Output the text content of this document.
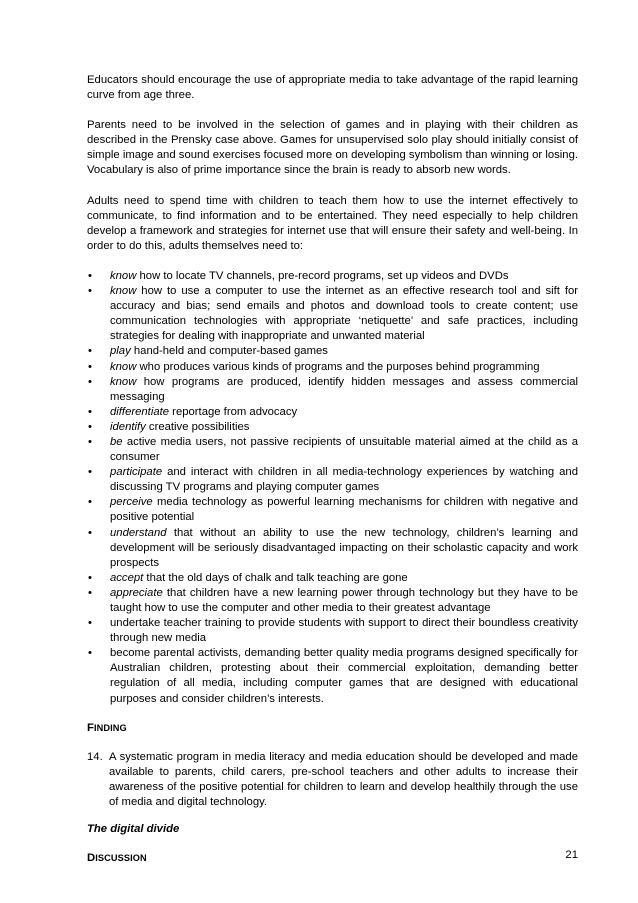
Educators should encourage the use of appropriate media to take advantage of the rapid learning curve from age three.

Parents need to be involved in the selection of games and in playing with their children as described in the Prensky case above. Games for unsupervised solo play should initially consist of simple image and sound exercises focused more on developing symbolism than winning or losing. Vocabulary is also of prime importance since the brain is ready to absorb new words.

Adults need to spend time with children to teach them how to use the internet effectively to communicate, to find information and to be entertained. They need especially to help children develop a framework and strategies for internet use that will ensure their safety and well-being. In order to do this, adults themselves need to:

• know how to locate TV channels, pre-record programs, set up videos and DVDs
• know how to use a computer to use the internet as an effective research tool and sift for accuracy and bias; send emails and photos and download tools to create content; use communication technologies with appropriate ‘netiquette’ and safe practices, including strategies for dealing with inappropriate and unwanted material
• play hand-held and computer-based games
• know who produces various kinds of programs and the purposes behind programming
• know how programs are produced, identify hidden messages and assess commercial messaging
• differentiate reportage from advocacy
• identify creative possibilities
• be active media users, not passive recipients of unsuitable material aimed at the child as a consumer
• participate and interact with children in all media-technology experiences by watching and discussing TV programs and playing computer games
• perceive media technology as powerful learning mechanisms for children with negative and positive potential
• understand that without an ability to use the new technology, children’s learning and development will be seriously disadvantaged impacting on their scholastic capacity and work prospects
• accept that the old days of chalk and talk teaching are gone
• appreciate that children have a new learning power through technology but they have to be taught how to use the computer and other media to their greatest advantage
• undertake teacher training to provide students with support to direct their boundless creativity through new media
• become parental activists, demanding better quality media programs designed specifically for Australian children, protesting about their commercial exploitation, demanding better regulation of all media, including computer games that are designed with educational purposes and consider children’s interests.
FINDING
14. A systematic program in media literacy and media education should be developed and made available to parents, child carers, pre-school teachers and other adults to increase their awareness of the positive potential for children to learn and develop healthily through the use of media and digital technology.
The digital divide
DISCUSSION	21
